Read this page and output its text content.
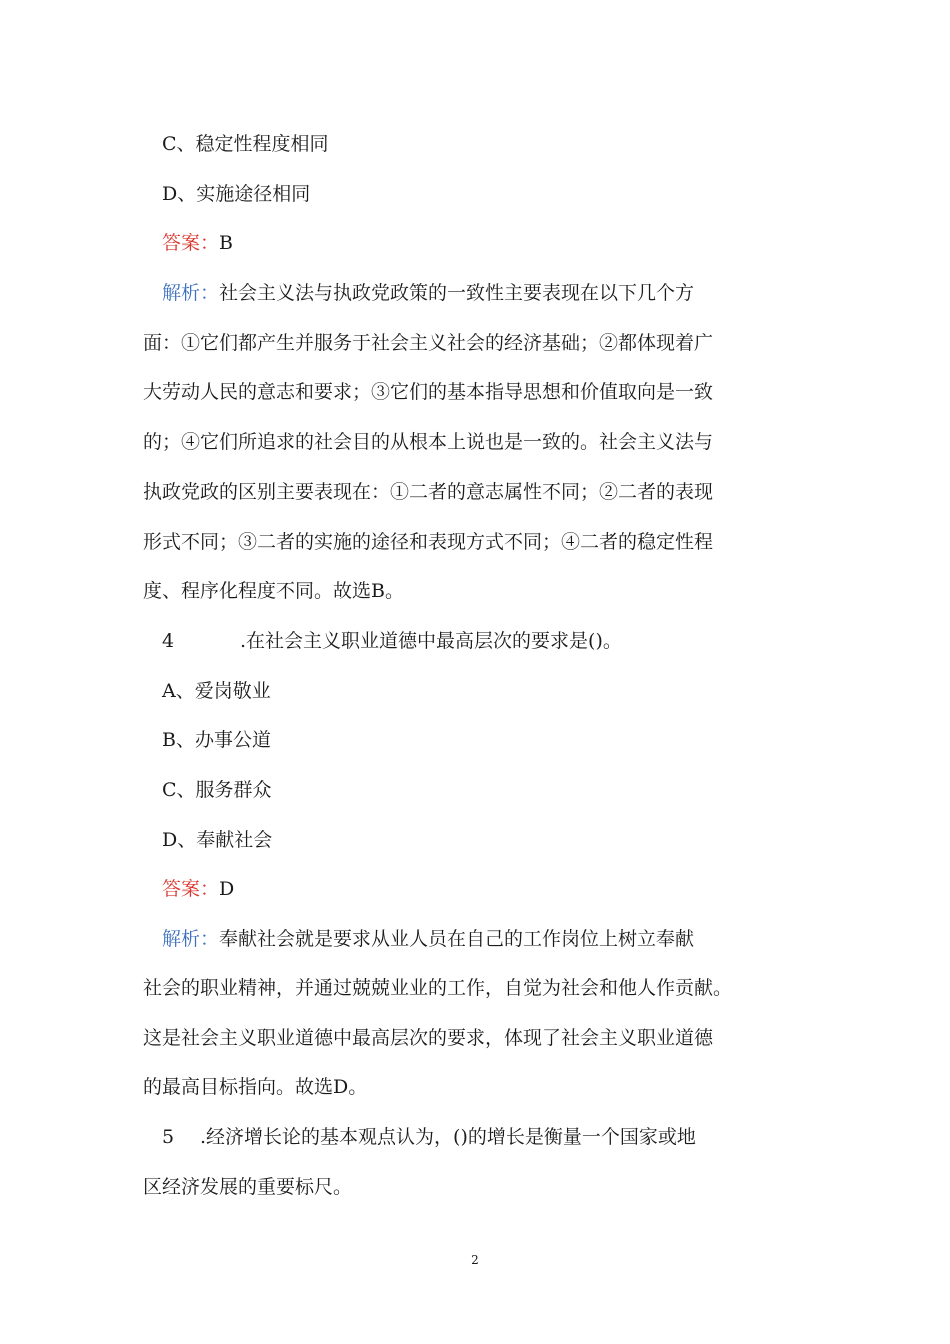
C、稳定性程度相同
D、实施途径相同
答案：B
解析：社会主义法与执政党政策的一致性主要表现在以下几个方
面：①它们都产生并服务于社会主义社会的经济基础；②都体现着广
大劳动人民的意志和要求；③它们的基本指导思想和价值取向是一致
的；④它们所追求的社会目的从根本上说也是一致的。社会主义法与
执政党政的区别主要表现在：①二者的意志属性不同；②二者的表现
形式不同；③二者的实施的途径和表现方式不同；④二者的稳定性程
度、程序化程度不同。故选B。
4	.在社会主义职业道德中最高层次的要求是()。
A、爱岗敬业
B、办事公道
C、服务群众
D、奉献社会
答案：D
解析：奉献社会就是要求从业人员在自己的工作岗位上树立奉献
社会的职业精神，并通过兢兢业业的工作，自觉为社会和他人作贡献。
这是社会主义职业道德中最高层次的要求，体现了社会主义职业道德
的最高目标指向。故选D。
5 .经济增长论的基本观点认为，()的增长是衡量一个国家或地
区经济发展的重要标尺。
2
